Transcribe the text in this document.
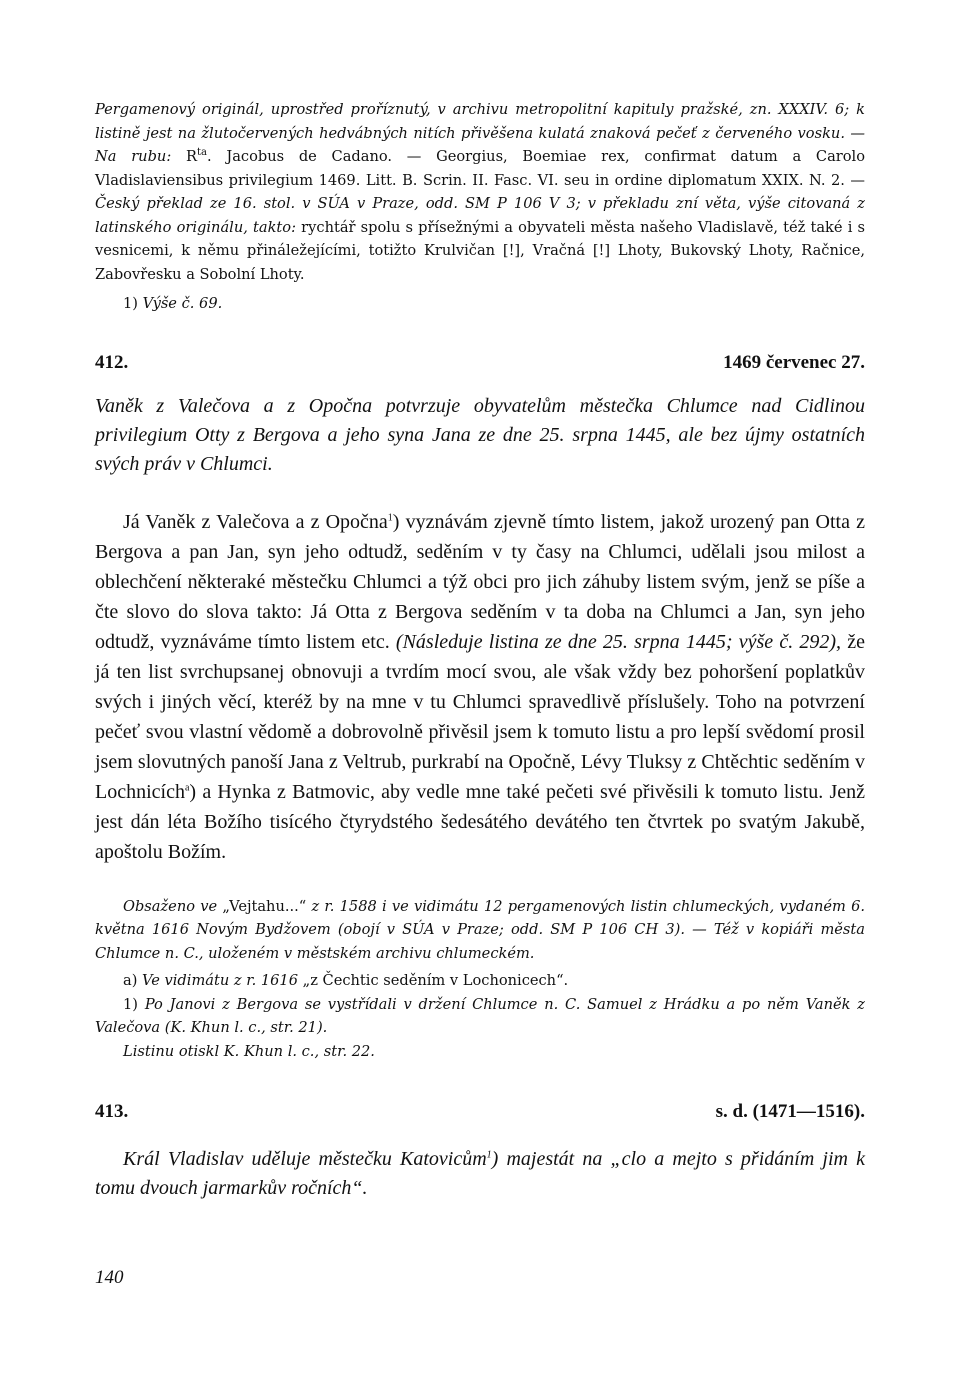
Pergamenový originál, uprostřed proříznutý, v archivu metropolitní kapituly pražské, zn. XXXIV. 6; k listině jest na žlutočervených hedvábných nitích přivěšena kulatá znaková pečeť z červeného vosku. — Na rubu: R$^{ta}$. Jacobus de Cadano. — Georgius, Boemiae rex, confirmat datum a Carolo Vladislaviensibus privilegium 1469. Litt. B. Scrin. II. Fasc. VI. seu in ordine diplomatum XXIX. N. 2. — Český překlad ze 16. stol. v SÚA v Praze, odd. SM P 106 V 3; v překladu zní věta, výše citovaná z latinského originálu, takto: rychtář spolu s přísežnými a obyvateli města našeho Vladislavě, též také i s vesnicemi, k němu přináležejícími, totižto Krulvičan [!], Vračná [!] Lhoty, Bukovský Lhoty, Račnice, Zabovřesku a Sobolní Lhoty.
1) Výše č. 69.
412.	1469 červenec 27.
Vaněk z Valečova a z Opočna potvrzuje obyvatelům městečka Chlumce nad Cidlinou privilegium Otty z Bergova a jeho syna Jana ze dne 25. srpna 1445, ale bez újmy ostatních svých práv v Chlumci.
Já Vaněk z Valečova a z Opočna$^1$) vyznávám zjevně tímto listem, jakož urozený pan Otta z Bergova a pan Jan, syn jeho odtudž, seděním v ty časy na Chlumci, udělali jsou milost a oblechčení některaké městečku Chlumci a týž obci pro jich záhuby listem svým, jenž se píše a čte slovo do slova takto: Já Otta z Bergova seděním v ta doba na Chlumci a Jan, syn jeho odtudž, vyznáváme tímto listem etc. (Následuje listina ze dne 25. srpna 1445; výše č. 292), že já ten list svrchupsanej obnovuji a tvrdím mocí svou, ale však vždy bez pohoršení poplatkův svých i jiných věcí, kteréž by na mne v tu Chlumci spravedlivě příslušely. Toho na potvrzení pečeť svou vlastní vědomě a dobrovolně přivěsil jsem k tomuto listu a pro lepší svědomí prosil jsem slovutných panoší Jana z Veltrub, purkrabí na Opočně, Lévy Tluksy z Chtěchtic seděním v Lochnicích$^a$) a Hynka z Batmovic, aby vedle mne také pečeti své přivěsili k tomuto listu. Jenž jest dán léta Božího tisícého čtyrydstého šedesátého devátého ten čtvrtek po svatým Jakubě, apoštolu Božím.

Obsaženo ve „Vejtahu...“ z r. 1588 i ve vidimátu 12 pergamenových listin chlumeckých, vydaném 6. května 1616 Novým Bydžovem (obojí v SÚA v Praze; odd. SM P 106 CH 3). — Též v kopiáři města Chlumce n. C., uloženém v městském archivu chlumeckém.

a) Ve vidimátu z r. 1616 „z Čechtic seděním v Lochonicech“.

1) Po Janovi z Bergova se vystřídali v držení Chlumce n. C. Samuel z Hrádku a po něm Vaněk z Valečova (K. Khun l. c., str. 21).

Listinu otiskl K. Khun l. c., str. 22.

413.	s. d. (1471—1516).
Král Vladislav uděluje městečku Katovicům$^1$) majestát na „clo a mejto s přidáním jim k tomu dvouch jarmarkův ročních“.
140
